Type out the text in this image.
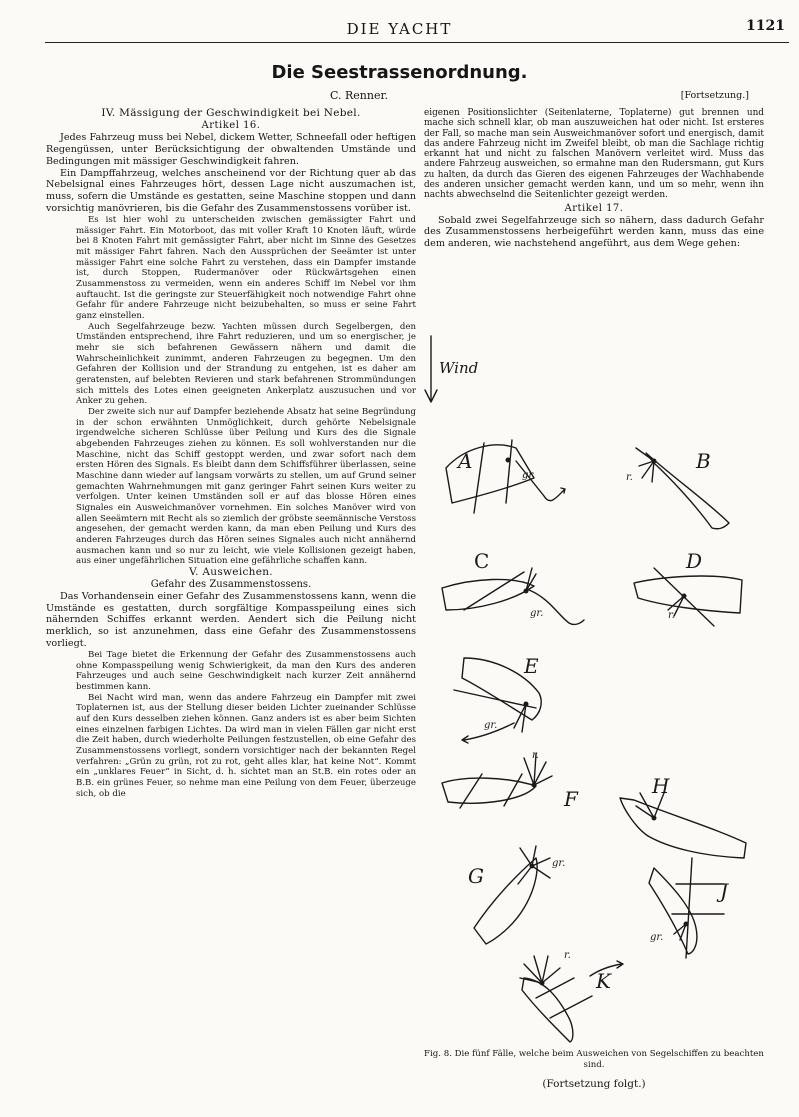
DIE YACHT	1121
Die Seestrassenordnung.
C. Renner.	[Fortsetzung.]

IV. Mässigung der Geschwindigkeit bei Nebel.

Artikel 16.

Jedes Fahrzeug muss bei Nebel, dickem Wetter, Schneefall oder heftigen Regengüssen, unter Berücksichtigung der obwaltenden Umstände und Bedingungen mit mässiger Geschwindigkeit fahren.

Ein Dampffahrzeug, welches anscheinend vor der Richtung quer ab das Nebelsignal eines Fahrzeuges hört, dessen Lage nicht auszumachen ist, muss, sofern die Umstände es gestatten, seine Maschine stoppen und dann vorsichtig manövrieren, bis die Gefahr des Zusammenstossens vorüber ist.

Es ist hier wohl zu unterscheiden zwischen gemässigter Fahrt und mässiger Fahrt. Ein Motorboot, das mit voller Kraft 10 Knoten läuft, würde bei 8 Knoten Fahrt mit gemässigter Fahrt, aber nicht im Sinne des Gesetzes mit mässiger Fahrt fahren. Nach den Aussprüchen der Seeämter ist unter mässiger Fahrt eine solche Fahrt zu verstehen, dass ein Dampfer imstande ist, durch Stoppen, Rudermanöver oder Rückwärtsgehen einen Zusammenstoss zu vermeiden, wenn ein anderes Schiff im Nebel vor ihm auftaucht. Ist die geringste zur Steuerfähigkeit noch notwendige Fahrt ohne Gefahr für andere Fahrzeuge nicht beizubehalten, so muss er seine Fahrt ganz einstellen.

Auch Segelfahrzeuge bezw. Yachten müssen durch Segelbergen, den Umständen entsprechend, ihre Fahrt reduzieren, und um so energischer, je mehr sie sich befahrenen Gewässern nähern und damit die Wahrscheinlichkeit zunimmt, anderen Fahrzeugen zu begegnen. Um den Gefahren der Kollision und der Strandung zu entgehen, ist es daher am geratensten, auf belebten Revieren und stark befahrenen Strommündungen sich mittels des Lotes einen geeigneten Ankerplatz auszusuchen und vor Anker zu gehen.

Der zweite sich nur auf Dampfer beziehende Absatz hat seine Begründung in der schon erwähnten Unmöglichkeit, durch gehörte Nebelsignale irgendwelche sicheren Schlüsse über Peilung und Kurs des die Signale abgebenden Fahrzeuges ziehen zu können. Es soll wohlverstanden nur die Maschine, nicht das Schiff gestoppt werden, und zwar sofort nach dem ersten Hören des Signals. Es bleibt dann dem Schiffsführer überlassen, seine Maschine dann wieder auf langsam vorwärts zu stellen, um auf Grund seiner gemachten Wahrnehmungen mit ganz geringer Fahrt seinen Kurs weiter zu verfolgen. Unter keinen Umständen soll er auf das blosse Hören eines Signales ein Ausweichmanöver vornehmen. Ein solches Manöver wird von allen Seeämtern mit Recht als so ziemlich der gröbste seemännische Verstoss angesehen, der gemacht werden kann, da man eben Peilung und Kurs des anderen Fahrzeuges durch das Hören seines Signales auch nicht annähernd ausmachen kann und so nur zu leicht, wie viele Kollisionen gezeigt haben, aus einer ungefährlichen Situation eine gefährliche schaffen kann.

V. Ausweichen.

Gefahr des Zusammenstossens.

Das Vorhandensein einer Gefahr des Zusammenstossens kann, wenn die Umstände es gestatten, durch sorgfältige Kompasspeilung eines sich nähernden Schiffes erkannt werden. Aendert sich die Peilung nicht merklich, so ist anzunehmen, dass eine Gefahr des Zusammenstossens vorliegt.

Bei Tage bietet die Erkennung der Gefahr des Zusammenstossens auch ohne Kompasspeilung wenig Schwierigkeit, da man den Kurs des anderen Fahrzeuges und auch seine Geschwindigkeit nach kurzer Zeit annähernd bestimmen kann.

Bei Nacht wird man, wenn das andere Fahrzeug ein Dampfer mit zwei Toplaternen ist, aus der Stellung dieser beiden Lichter zueinander Schlüsse auf den Kurs desselben ziehen können. Ganz anders ist es aber beim Sichten eines einzelnen farbigen Lichtes. Da wird man in vielen Fällen gar nicht erst die Zeit haben, durch wiederholte Peilungen festzustellen, ob eine Gefahr des Zusammenstossens vorliegt, sondern vorsichtiger nach der bekannten Regel verfahren: „Grün zu grün, rot zu rot, geht alles klar, hat keine Not“. Kommt ein „unklares Feuer“ in Sicht, d. h. sichtet man an St.B. ein rotes oder an B.B. ein grünes Feuer, so nehme man eine Peilung von dem Feuer, überzeuge sich, ob die

eigenen Positionslichter (Seitenlaterne, Toplaterne) gut brennen und mache sich schnell klar, ob man auszuweichen hat oder nicht. Ist ersteres der Fall, so mache man sein Ausweichmanöver sofort und energisch, damit das andere Fahrzeug nicht im Zweifel bleibt, ob man die Sachlage richtig erkannt hat und nicht zu falschen Manövern verleitet wird. Muss das andere Fahrzeug ausweichen, so ermahne man den Rudersmann, gut Kurs zu halten, da durch das Gieren des eigenen Fahrzeuges der Wachhabende des anderen unsicher gemacht werden kann, und um so mehr, wenn ihn nachts abwechselnd die Seitenlichter gezeigt werden.

Artikel 17.

Sobald zwei Segelfahrzeuge sich so nähern, dass dadurch Gefahr des Zusammenstossens herbeigeführt werden kann, muss das eine dem anderen, wie nachstehend angeführt, aus dem Wege gehen:

Wind
A
gr.
B
r.
C
gr.
D
r.
E
gr.
F
r.
H
G
gr.
J
gr.
K
r.
Fig. 8. Die fünf Fälle, welche beim Ausweichen von Segelschiffen zu beachten sind.
(Fortsetzung folgt.)
